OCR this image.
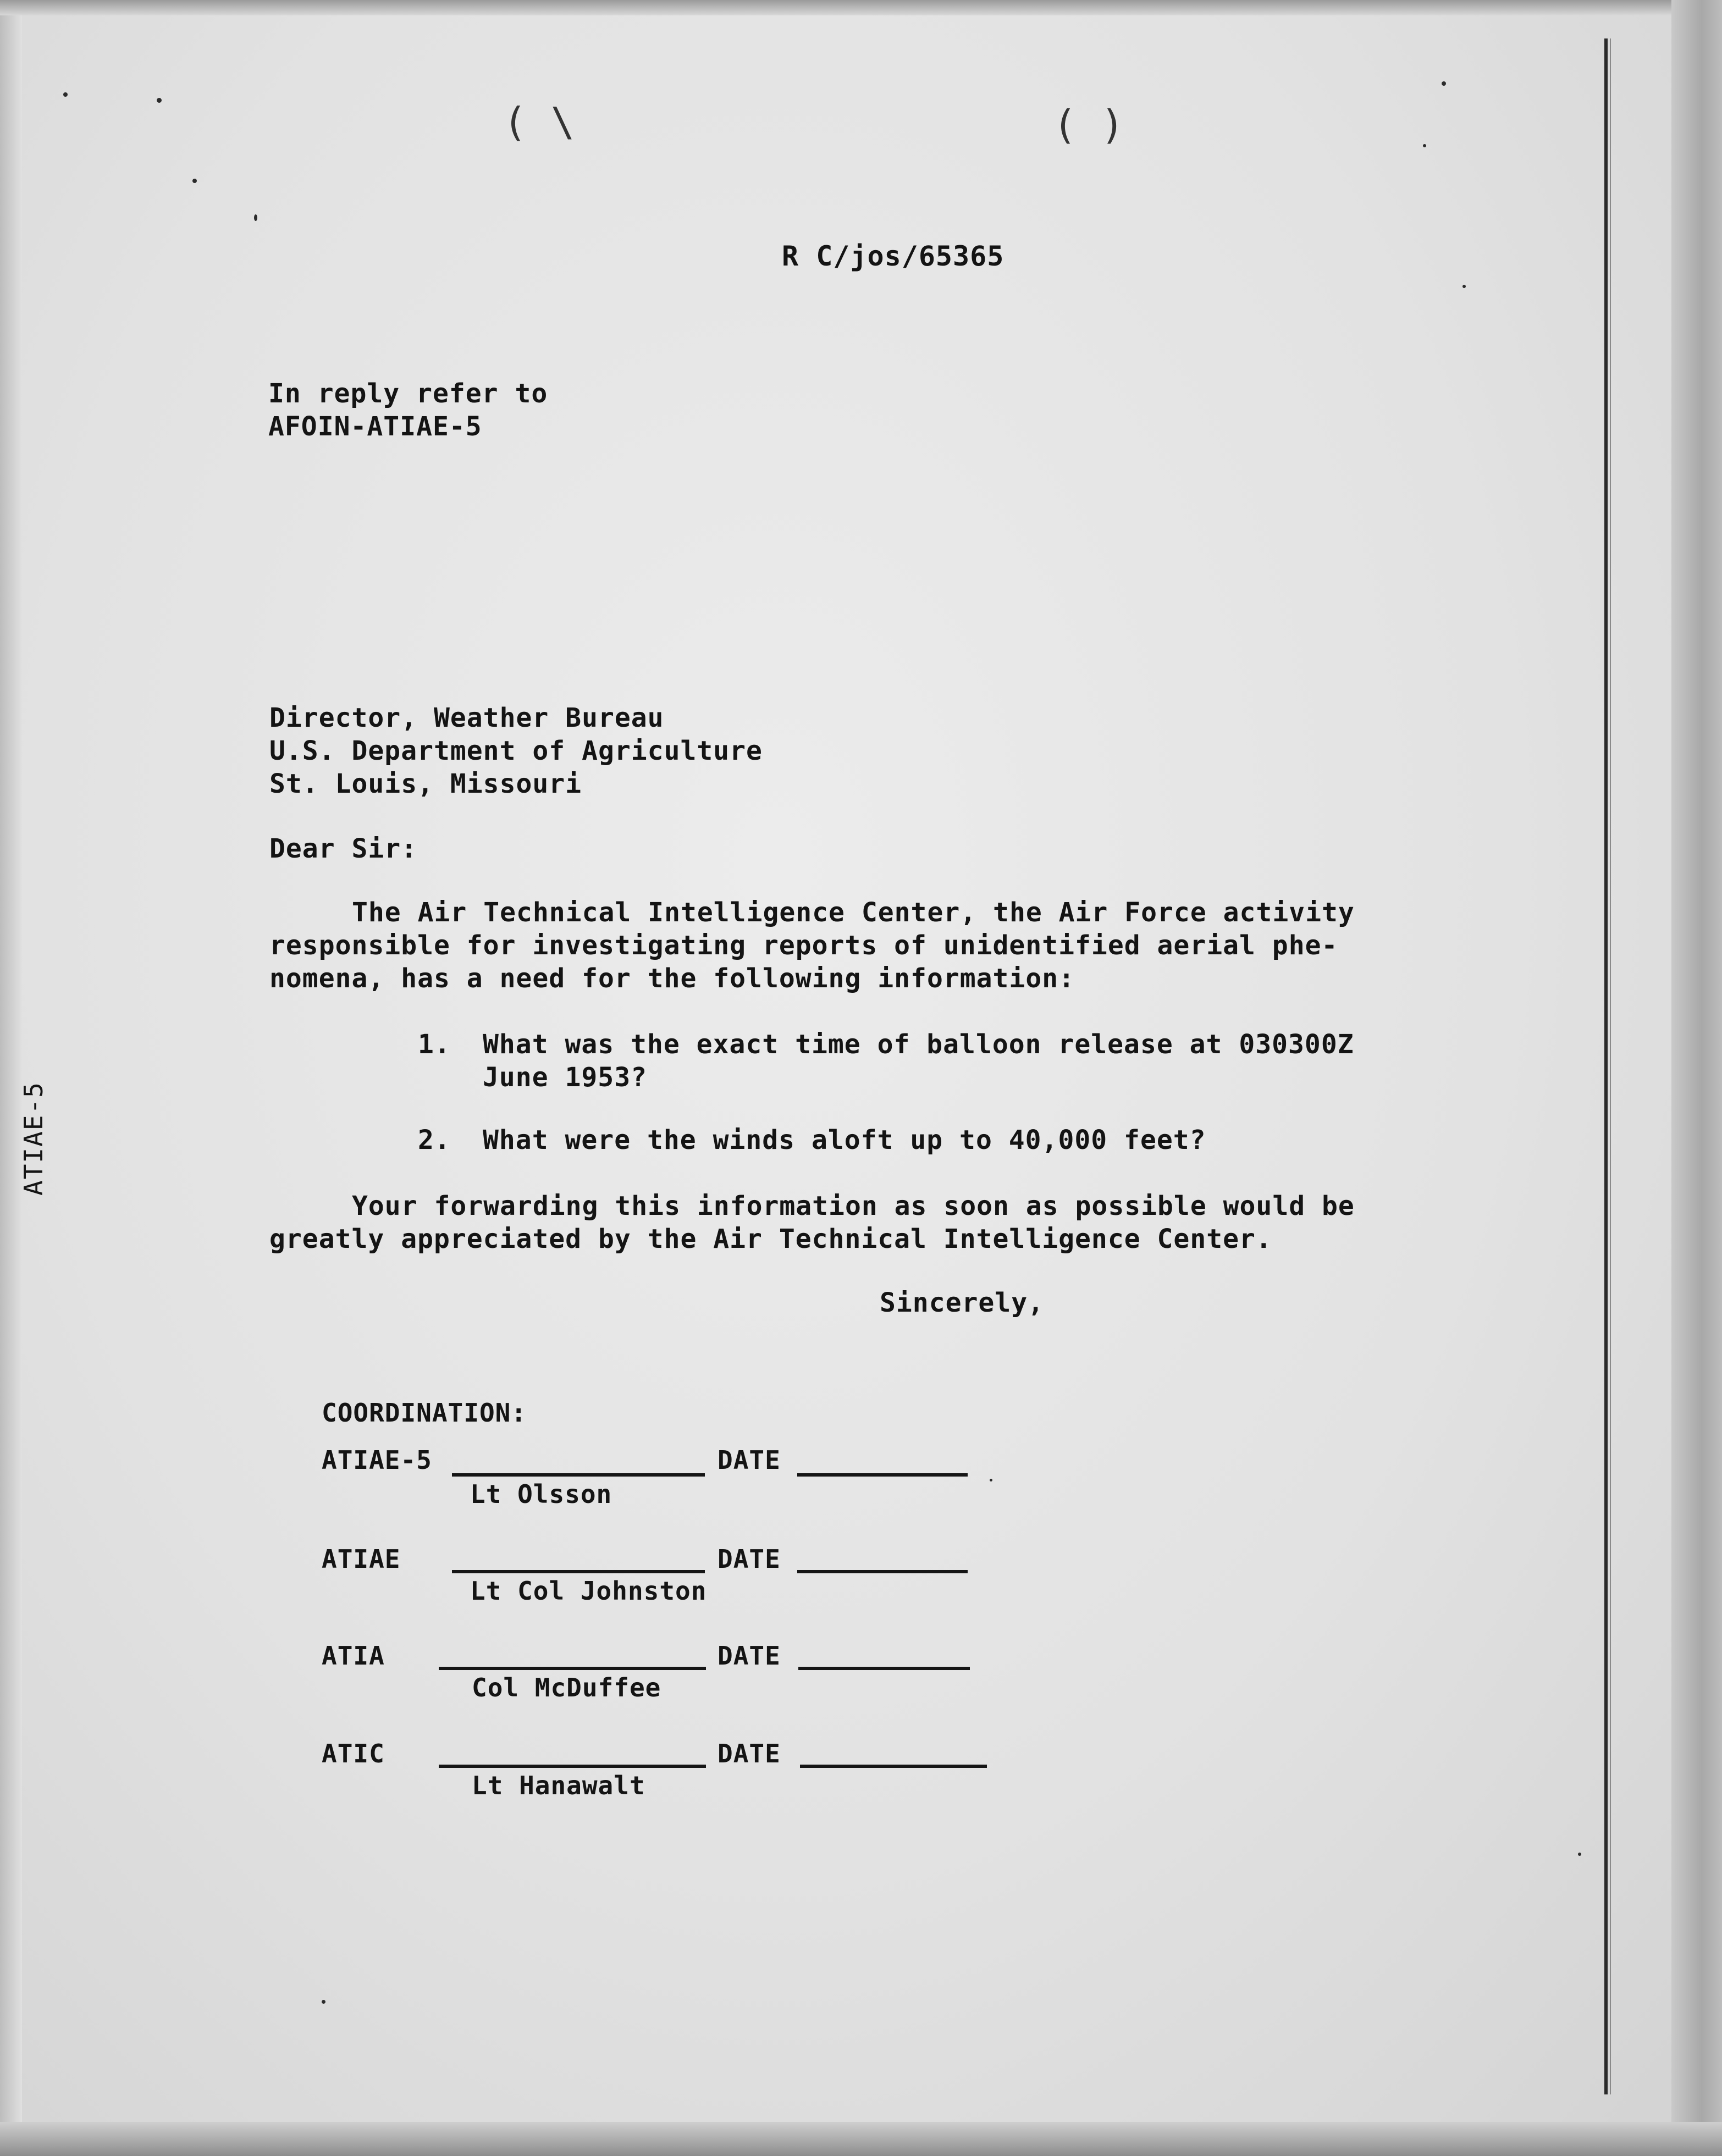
( \	( )
R C/jos/65365
In reply refer to
AFOIN-ATIAE-5
ATIAE-5
Director, Weather Bureau
U.S. Department of Agriculture
St. Louis, Missouri
Dear Sir:
The Air Technical Intelligence Center, the Air Force activity
responsible for investigating reports of unidentified aerial phe-
nomena, has a need for the following information:
1. What was the exact time of balloon release at 030300Z
June 1953?
2. What were the winds aloft up to 40,000 feet?
Your forwarding this information as soon as possible would be
greatly appreciated by the Air Technical Intelligence Center.
Sincerely,
COORDINATION:
ATIAE-5
Lt Olsson
DATE
ATIAE
Lt Col Johnston
DATE
ATIA
Col McDuffee
DATE
ATIC
Lt Hanawalt
DATE
